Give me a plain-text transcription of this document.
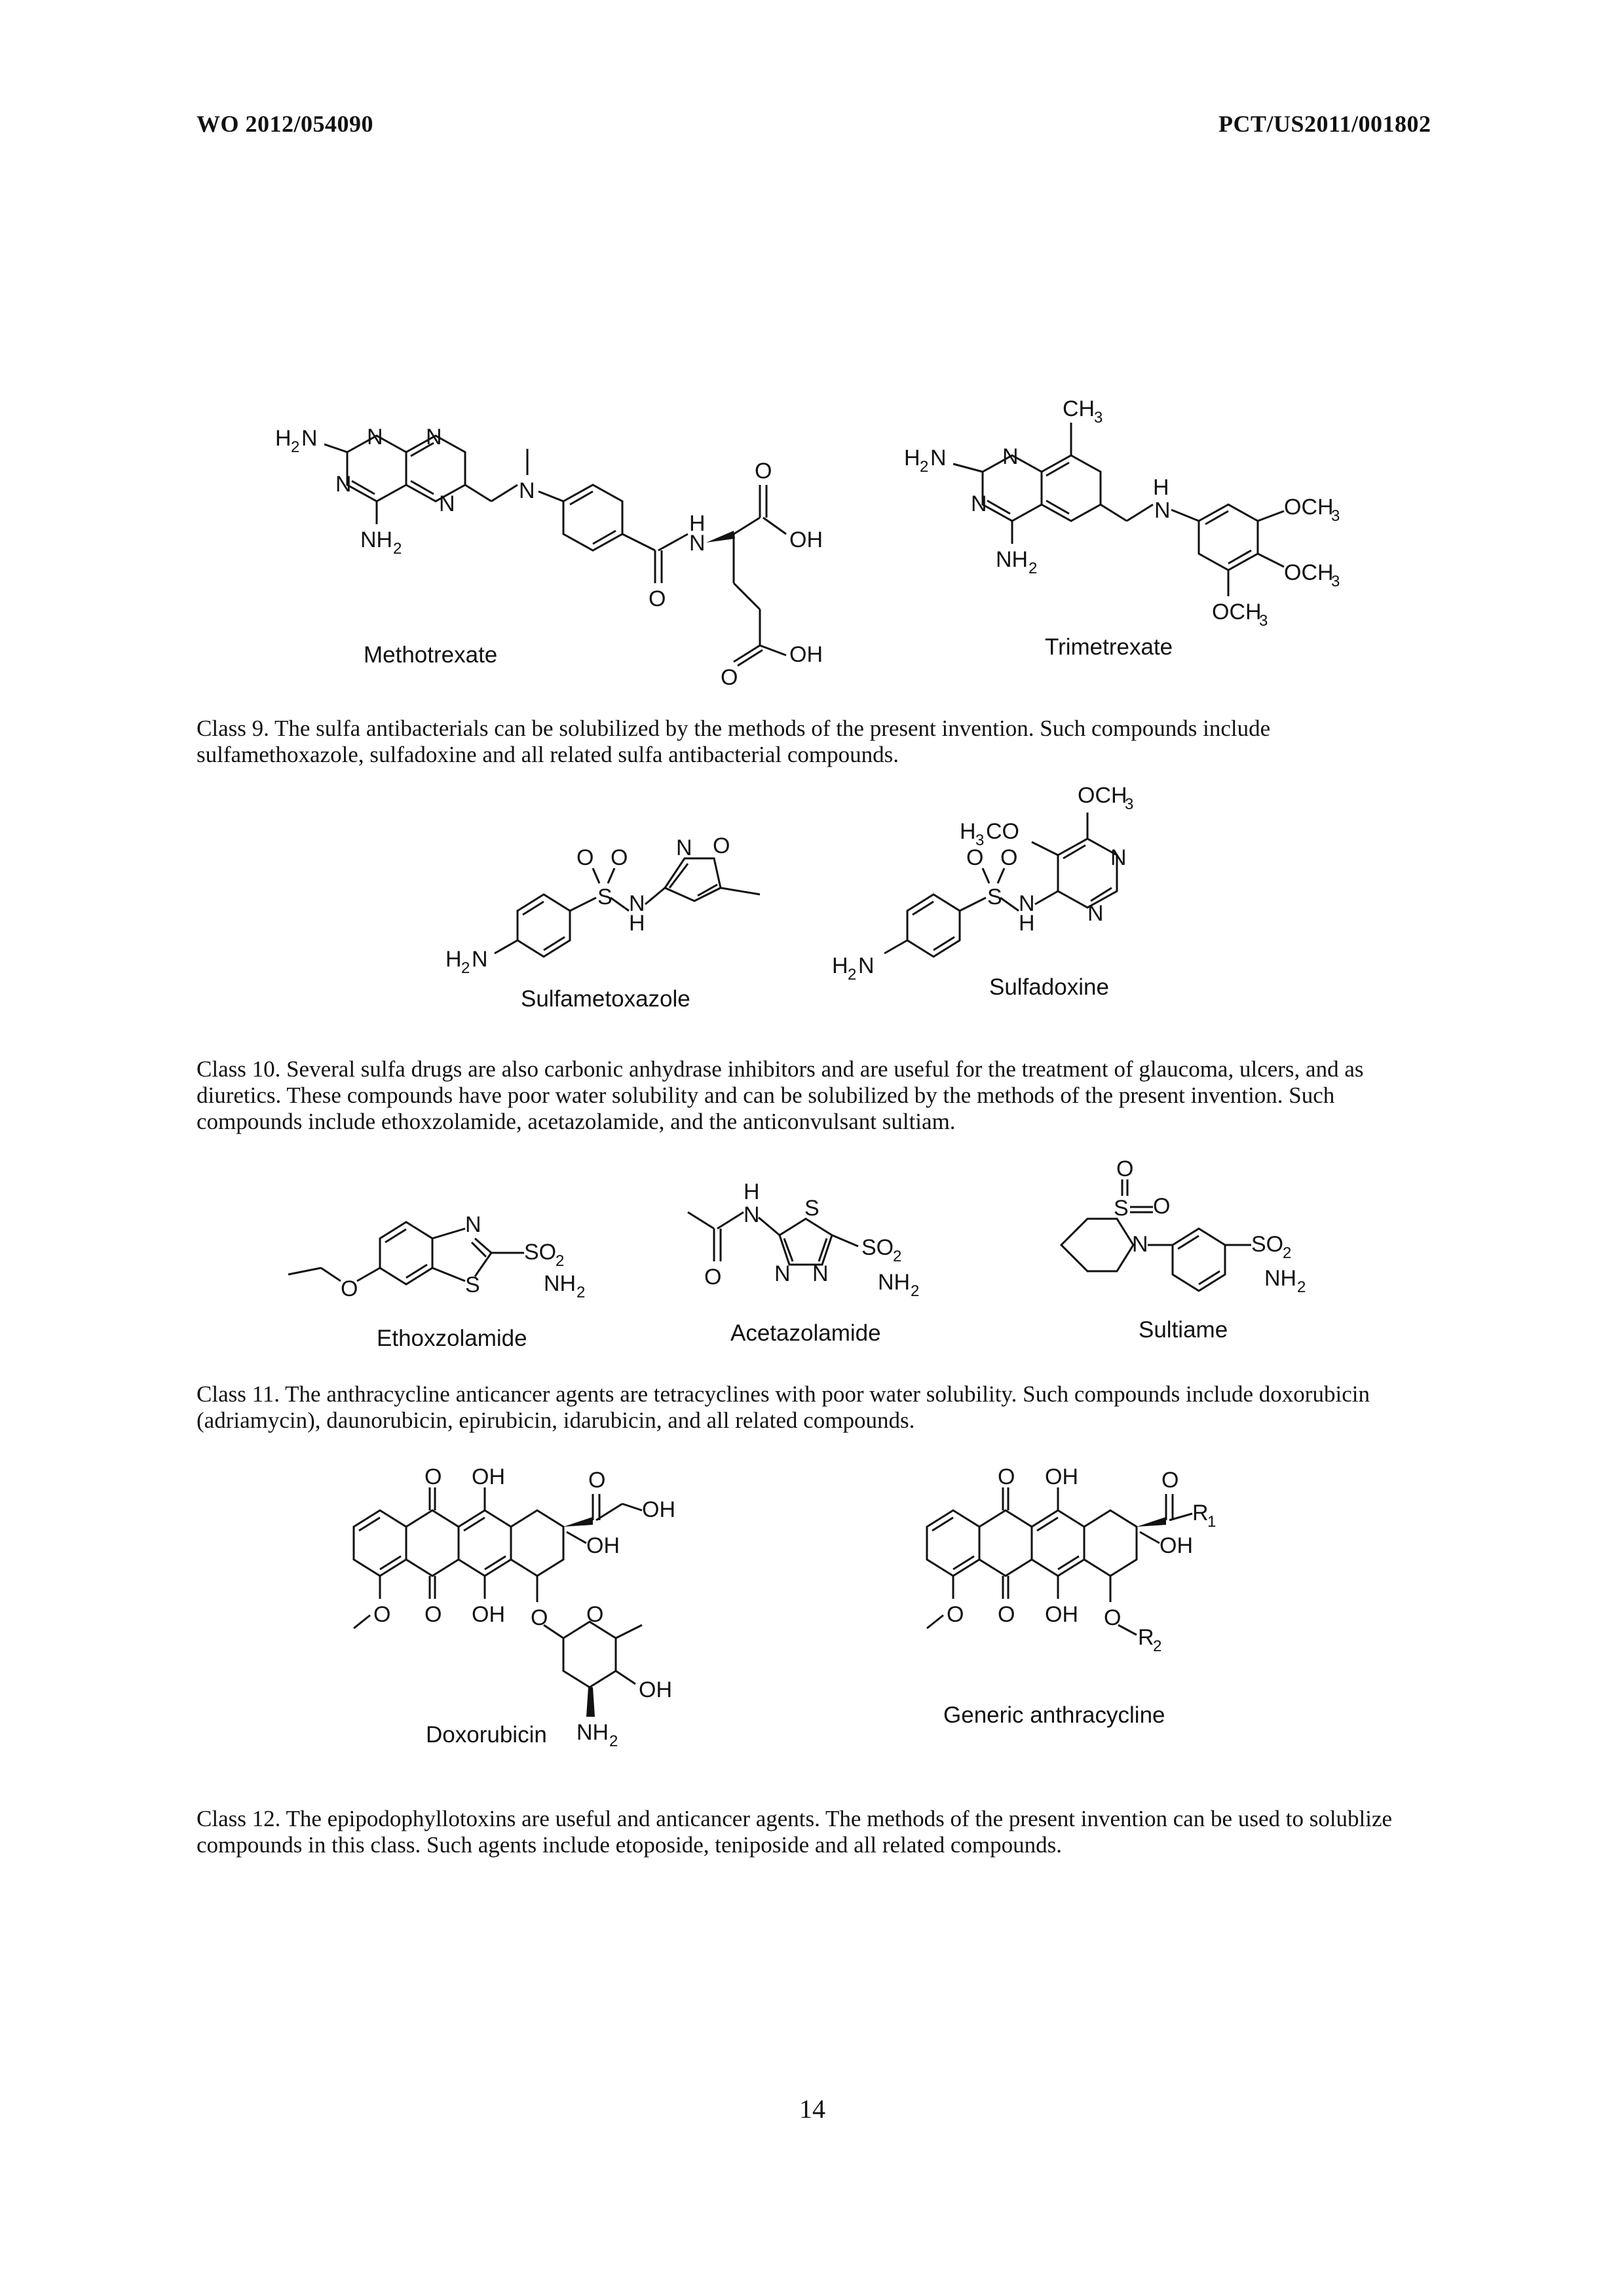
WO 2012/054090	PCT/US2011/001802
H 2 N N N
N
N
NH 2
N
O
H
N
O
OH
O
OH
Methotrexate
H 2 N	N
N
NH 2
CH
3
H
N	OCH
3
OCH
3
OCH
3
Trimetrexate
Class 9. The sulfa antibacterials can be solubilized by the methods of the present invention. Such compounds include sulfamethoxazole, sulfadoxine and all related sulfa antibacterial compounds.
H 2 N
S
O O
N
H
N O
Sulfametoxazole
H 2 N
S
O O
N
H
N
N
H 3 CO
OCH
3
Sulfadoxine
Class 10. Several sulfa drugs are also carbonic anhydrase inhibitors and are useful for the treatment of glaucoma, ulcers, and as diuretics. These compounds have poor water solubility and can be solubilized by the methods of the present invention. Such compounds include ethoxzolamide, acetazolamide, and the anticonvulsant sultiam.
N
S
SO
2
NH 2
O
Ethoxzolamide
O
H
N S
N N
SO
2
NH 2
Acetazolamide
S
O
O
N	SO
2
NH 2
Sultiame
Class 11. The anthracycline anticancer agents are tetracyclines with poor water solubility. Such compounds include doxorubicin (adriamycin), daunorubicin, epirubicin, idarubicin, and all related compounds.
O
O
OH
OH
O
O
OH
OH
O O
OH
NH 2
Doxorubicin
O
O
OH
OH
O
O
R
1
OH
O
R
2
Generic anthracycline
Class 12. The epipodophyllotoxins are useful and anticancer agents. The methods of the present invention can be used to solublize compounds in this class. Such agents include etoposide, teniposide and all related compounds.
14
